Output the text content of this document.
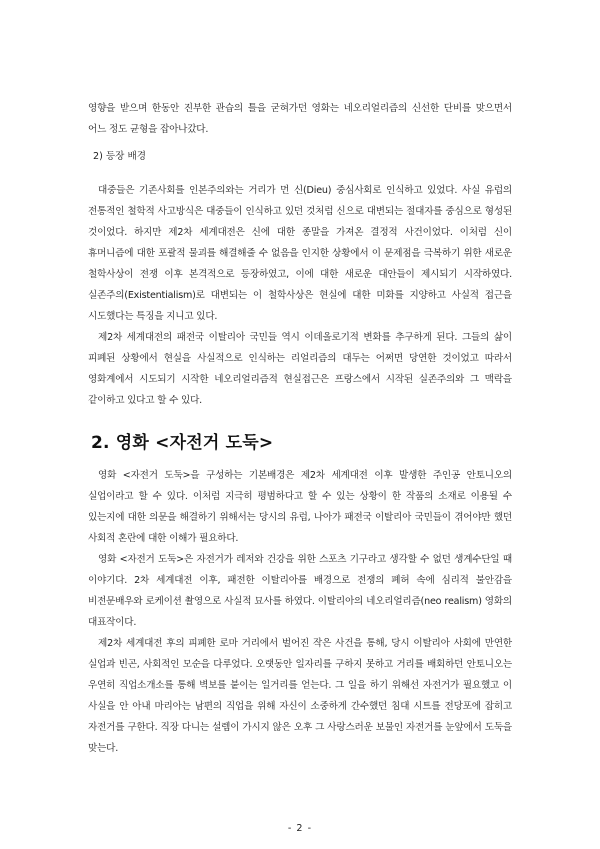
영향을 받으며 한동안 진부한 관습의 틀을 굳혀가던 영화는 네오리얼리즘의 신선한 단비를 맞으면서 어느 정도 균형을 잡아나갔다.

2) 등장 배경

대중들은 기존사회를 인본주의와는 거리가 먼 신(Dieu) 중심사회로 인식하고 있었다. 사실 유럽의 전통적인 철학적 사고방식은 대중들이 인식하고 있던 것처럼 신으로 대변되는 절대자를 중심으로 형성된 것이었다. 하지만 제2차 세계대전은 신에 대한 종말을 가져온 결정적 사건이었다. 이처럼 신이 휴머니즘에 대한 포괄적 물괴를 해결해줄 수 없음을 인지한 상황에서 이 문제점을 극복하기 위한 새로운 철학사상이 전쟁 이후 본격적으로 등장하였고, 이에 대한 새로운 대안들이 제시되기 시작하였다. 실존주의(Existentialism)로 대변되는 이 철학사상은 현실에 대한 미화를 지양하고 사실적 접근을 시도했다는 특징을 지니고 있다.

제2차 세계대전의 패전국 이탈리아 국민들 역시 이데올로기적 변화를 추구하게 된다. 그들의 삶이 피폐된 상황에서 현실을 사실적으로 인식하는 리얼리즘의 대두는 어쩌면 당연한 것이었고 따라서 영화계에서 시도되기 시작한 네오리얼리즘적 현실접근은 프랑스에서 시작된 실존주의와 그 맥락을 같이하고 있다고 할 수 있다.

2. 영화 <자전거 도둑>

영화 <자전거 도둑>을 구성하는 기본배경은 제2차 세계대전 이후 발생한 주인공 안토니오의 실업이라고 할 수 있다. 이처럼 지극히 평범하다고 할 수 있는 상황이 한 작품의 소재로 이용될 수 있는지에 대한 의문을 해결하기 위해서는 당시의 유럽, 나아가 패전국 이탈리아 국민들이 겪어야만 했던 사회적 혼란에 대한 이해가 필요하다.

영화 <자전거 도둑>은 자전거가 레저와 건강을 위한 스포츠 기구라고 생각할 수 없던 생계수단일 때 이야기다. 2차 세계대전 이후, 패전한 이탈리아를 배경으로 전쟁의 폐허 속에 심리적 불안감을 비전문배우와 로케이션 촬영으로 사실적 묘사를 하였다. 이탈리아의 네오리얼리즘(neo realism) 영화의 대표작이다.

제2차 세계대전 후의 피폐한 로마 거리에서 벌어진 작은 사건을 통해, 당시 이탈리아 사회에 만연한 실업과 빈곤, 사회적인 모순을 다루었다. 오랫동안 일자리를 구하지 못하고 거리를 배회하던 안토니오는 우연히 직업소개소를 통해 벽보를 붙이는 일거리를 얻는다. 그 일을 하기 위해선 자전거가 필요했고 이 사실을 안 아내 마리아는 남편의 직업을 위해 자신이 소중하게 간수했던 침대 시트를 전당포에 잡히고 자전거를 구한다. 직장 다니는 설렘이 가시지 않은 오후 그 사랑스러운 보물인 자전거를 눈앞에서 도둑을 맞는다.

- 2 -
